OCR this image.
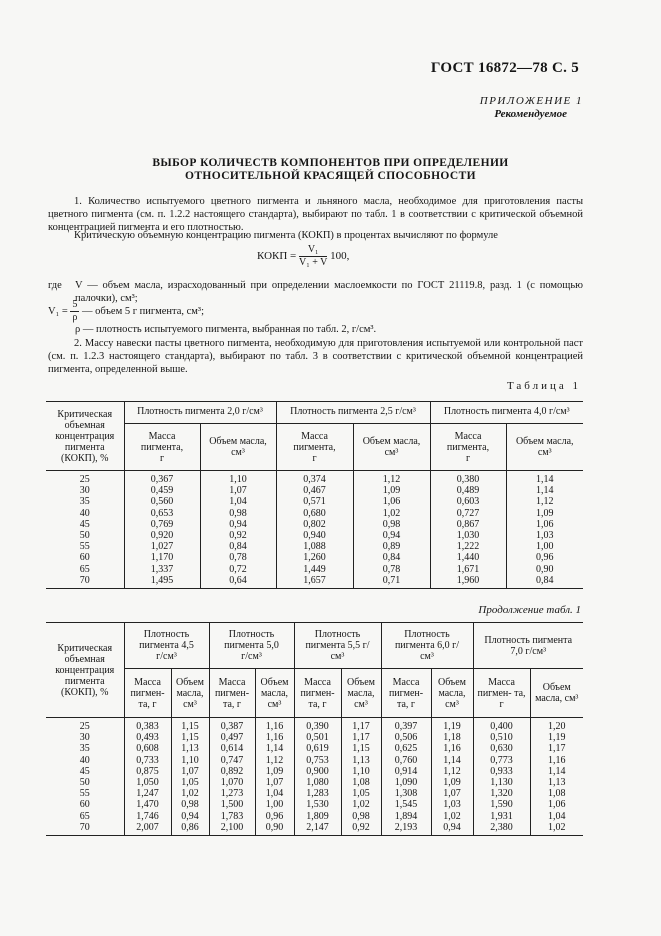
ГОСТ 16872—78 С. 5
ПРИЛОЖЕНИЕ 1
Рекомендуемое
ВЫБОР КОЛИЧЕСТВ КОМПОНЕНТОВ ПРИ ОПРЕДЕЛЕНИИ
ОТНОСИТЕЛЬНОЙ КРАСЯЩЕЙ СПОСОБНОСТИ
1. Количество испытуемого цветного пигмента и льняного масла, необходимое для приготовления пасты цветного пигмента (см. п. 1.2.2 настоящего стандарта), выбирают по табл. 1 в соответствии с критической объемной концентрацией пигмента и его плотностью.
Критическую объемную концентрацию пигмента (КОКП) в процентах вычисляют по формуле
КОКП = $\frac{\text{V₁}}{\text{V₁ + V}} 100$,
где V — объем масла, израсходованный при определении маслоемкости по ГОСТ 21119.8, разд. 1 (с помощью палочки), см³;
$V_1 = \frac{5}{\rho}$ — объем 5 г пигмента, см³;
ρ — плотность испытуемого пигмента, выбранная по табл. 2, г/см³.
2. Массу навески пасты цветного пигмента, необходимую для приготовления испытуемой или контрольной паст (см. п. 1.2.3 настоящего стандарта), выбирают по табл. 3 в соответствии с критической объемной концентрацией пигмента, определенной выше.
Таблица 1
Критическая объемная концентрация пигмента (КОКП), %	Плотность пигмента 2,0 г/см³		Плотность пигмента 2,5 г/см³		Плотность пигмента 4,0 г/см³	
	Масса пигмента, г	Объем масла, см³	Масса пигмента, г	Объем масла, см³	Масса пигмента, г	Объем масла, см³
25	0,367	1,10	0,374	1,12	0,380	1,14
30	0,459	1,07	0,467	1,09	0,489	1,14
35	0,560	1,04	0,571	1,06	0,603	1,12
40	0,653	0,98	0,680	1,02	0,727	1,09
45	0,769	0,94	0,802	0,98	0,867	1,06
50	0,920	0,92	0,940	0,94	1,030	1,03
55	1,027	0,84	1,088	0,89	1,222	1,00
60	1,170	0,78	1,260	0,84	1,440	0,96
65	1,337	0,72	1,449	0,78	1,671	0,90
70	1,495	0,64	1,657	0,71	1,960	0,84
Продолжение табл. 1
Критическая объемная концентрация пигмента (КОКП), %	Плотность пигмента 4,5 г/см³		Плотность пигмента 5,0 г/см³		Плотность пигмента 5,5 г/см³		Плотность пигмента 6,0 г/см³		Плотность пигмента 7,0 г/см³	
	Масса пигмен- та, г	Объем масла, см³	Масса пигмен- та, г	Объем масла, см³	Масса пигмен- та, г	Объем масла, см³	Масса пигмен- та, г	Объем масла, см³	Масса пигмен- та, г	Объем масла, см³
25	0,383	1,15	0,387	1,16	0,390	1,17	0,397	1,19	0,400	1,20
30	0,493	1,15	0,497	1,16	0,501	1,17	0,506	1,18	0,510	1,19
35	0,608	1,13	0,614	1,14	0,619	1,15	0,625	1,16	0,630	1,17
40	0,733	1,10	0,747	1,12	0,753	1,13	0,760	1,14	0,773	1,16
45	0,875	1,07	0,892	1,09	0,900	1,10	0,914	1,12	0,933	1,14
50	1,050	1,05	1,070	1,07	1,080	1,08	1,090	1,09	1,130	1,13
55	1,247	1,02	1,273	1,04	1,283	1,05	1,308	1,07	1,320	1,08
60	1,470	0,98	1,500	1,00	1,530	1,02	1,545	1,03	1,590	1,06
65	1,746	0,94	1,783	0,96	1,809	0,98	1,894	1,02	1,931	1,04
70	2,007	0,86	2,100	0,90	2,147	0,92	2,193	0,94	2,380	1,02
